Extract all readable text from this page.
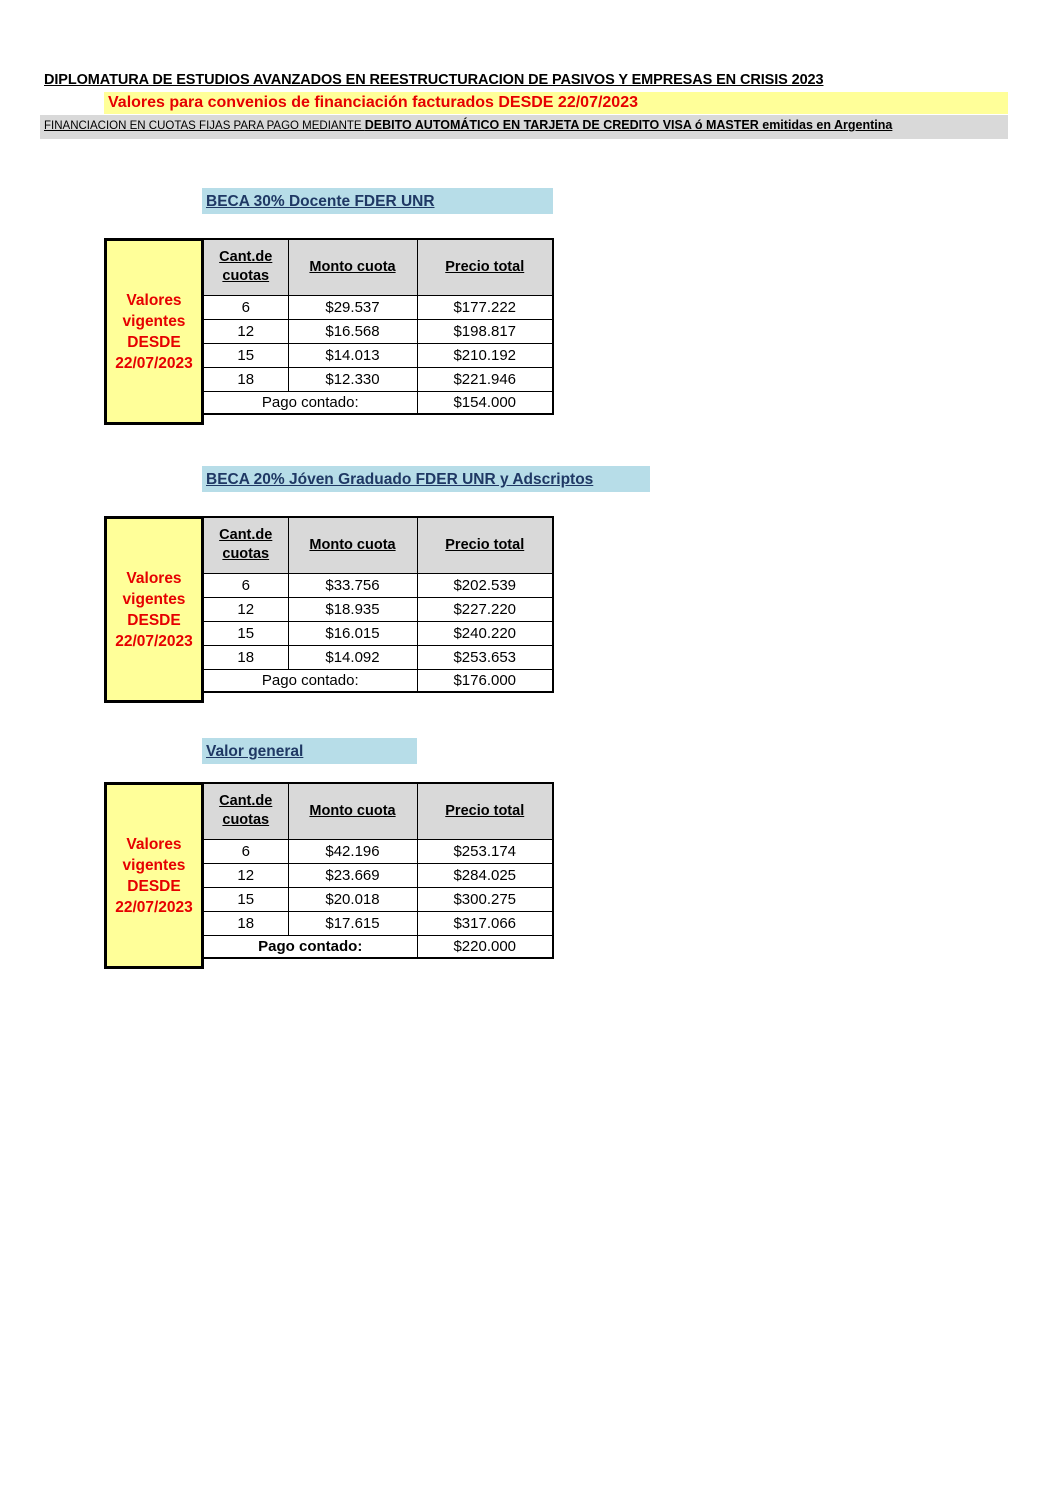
DIPLOMATURA DE ESTUDIOS AVANZADOS EN REESTRUCTURACION DE PASIVOS Y EMPRESAS EN CRISIS 2023
Valores para convenios de financiación facturados DESDE 22/07/2023
FINANCIACION EN CUOTAS FIJAS PARA PAGO MEDIANTE DEBITO AUTOMÁTICO EN TARJETA DE CREDITO VISA ó MASTER emitidas en Argentina
BECA 30% Docente FDER UNR
Valores
vigentes
DESDE
22/07/2023
Cant.de cuotas	Monto cuota	Precio total
6	$29.537	$177.222
12	$16.568	$198.817
15	$14.013	$210.192
18	$12.330	$221.946
Pago contado:		$154.000
BECA 20% Jóven Graduado FDER UNR y Adscriptos
Valores
vigentes
DESDE
22/07/2023
Cant.de cuotas	Monto cuota	Precio total
6	$33.756	$202.539
12	$18.935	$227.220
15	$16.015	$240.220
18	$14.092	$253.653
Pago contado:		$176.000
Valor general
Valores
vigentes
DESDE
22/07/2023
Cant.de cuotas	Monto cuota	Precio total
6	$42.196	$253.174
12	$23.669	$284.025
15	$20.018	$300.275
18	$17.615	$317.066
Pago contado:		$220.000
